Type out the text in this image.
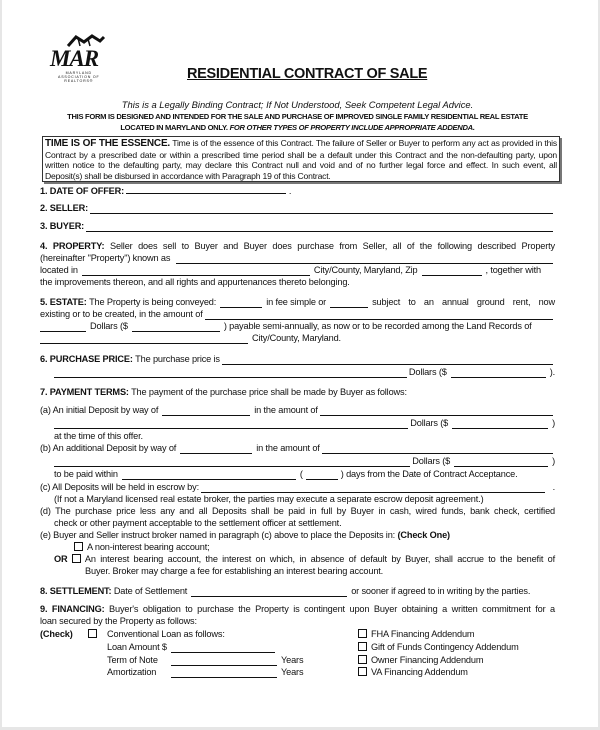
MAR
MARYLAND
ASSOCIATION OF
REALTORS®	RESIDENTIAL CONTRACT OF SALE
This is a Legally Binding Contract; If Not Understood, Seek Competent Legal Advice.
THIS FORM IS DESIGNED AND INTENDED FOR THE SALE AND PURCHASE OF IMPROVED SINGLE FAMILY RESIDENTIAL REAL ESTATE
LOCATED IN MARYLAND ONLY. FOR OTHER TYPES OF PROPERTY INCLUDE APPROPRIATE ADDENDA.
TIME IS OF THE ESSENCE. Time is of the essence of this Contract. The failure of Seller or Buyer to perform any act as provided in this Contract by a prescribed date or within a prescribed time period shall be a default under this Contract and the non-defaulting party, upon written notice to the defaulting party, may declare this Contract null and void and of no further legal force and effect. In such event, all Deposit(s) shall be disbursed in accordance with Paragraph 19 of this Contract.
1. DATE OF OFFER:	.
2. SELLER:
3. BUYER:
4. PROPERTY: Seller does sell to Buyer and Buyer does purchase from Seller, all of the following described Property
(hereinafter "Property") known as
located in	City/County, Maryland, Zip	, together with
the improvements thereon, and all rights and appurtenances thereto belonging.
5. ESTATE:
The Property is being conveyed:	in fee simple or	subject to an annual ground rent, now
existing or to be created, in the amount of
Dollars ($	) payable semi-annually, as now or to be recorded among the Land Records of
City/County, Maryland.
6. PURCHASE PRICE:
The purchase price is
Dollars ($	).
7. PAYMENT TERMS: The payment of the purchase price shall be made by Buyer as follows:
(a) An initial Deposit by way of	in the amount of
Dollars ($	)
at the time of this offer.
(b) An additional Deposit by way of	in the amount of
Dollars ($	)
to be paid within	(	) days from the Date of Contract Acceptance.
(c) All Deposits will be held in escrow by:	.
(If not a Maryland licensed real estate broker, the parties may execute a separate escrow deposit agreement.)
(d) The purchase price less any and all Deposits shall be paid in full by Buyer in cash, wired funds, bank check, certified
check or other payment acceptable to the settlement officer at settlement.
(e) Buyer and Seller instruct broker named in paragraph (c) above to place the Deposits in: (Check One)
A non-interest bearing account;
OR An interest bearing account, the interest on which, in absence of default by Buyer, shall accrue to the benefit of
Buyer. Broker may charge a fee for establishing an interest bearing account.
8. SETTLEMENT:
Date of Settlement	or sooner if agreed to in writing by the parties.
9. FINANCING: Buyer's obligation to purchase the Property is contingent upon Buyer obtaining a written commitment for a
loan secured by the Property as follows:
(Check)	Conventional Loan as follows:
Loan Amount $
Term of Note	Years
Amortization	Years
FHA Financing Addendum
Gift of Funds Contingency Addendum
Owner Financing Addendum
VA Financing Addendum
